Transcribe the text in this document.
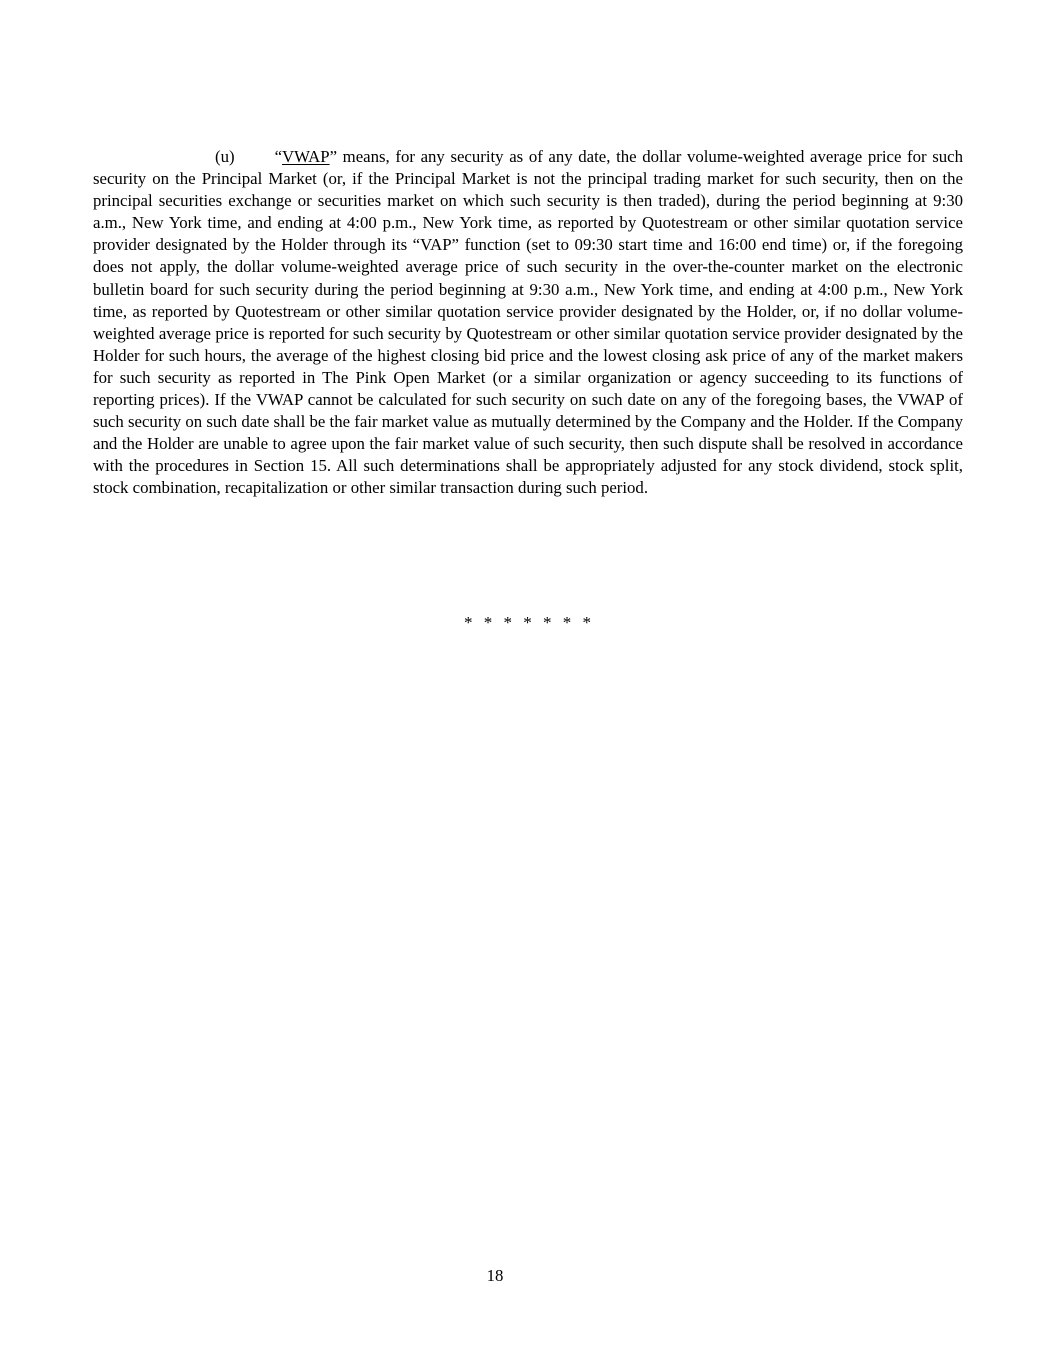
(u) “VWAP” means, for any security as of any date, the dollar volume-weighted average price for such security on the Principal Market (or, if the Principal Market is not the principal trading market for such security, then on the principal securities exchange or securities market on which such security is then traded), during the period beginning at 9:30 a.m., New York time, and ending at 4:00 p.m., New York time, as reported by Quotestream or other similar quotation service provider designated by the Holder through its “VAP” function (set to 09:30 start time and 16:00 end time) or, if the foregoing does not apply, the dollar volume-weighted average price of such security in the over-the-counter market on the electronic bulletin board for such security during the period beginning at 9:30 a.m., New York time, and ending at 4:00 p.m., New York time, as reported by Quotestream or other similar quotation service provider designated by the Holder, or, if no dollar volume-weighted average price is reported for such security by Quotestream or other similar quotation service provider designated by the Holder for such hours, the average of the highest closing bid price and the lowest closing ask price of any of the market makers for such security as reported in The Pink Open Market (or a similar organization or agency succeeding to its functions of reporting prices). If the VWAP cannot be calculated for such security on such date on any of the foregoing bases, the VWAP of such security on such date shall be the fair market value as mutually determined by the Company and the Holder. If the Company and the Holder are unable to agree upon the fair market value of such security, then such dispute shall be resolved in accordance with the procedures in Section 15. All such determinations shall be appropriately adjusted for any stock dividend, stock split, stock combination, recapitalization or other similar transaction during such period.

* * * * * * *
18
